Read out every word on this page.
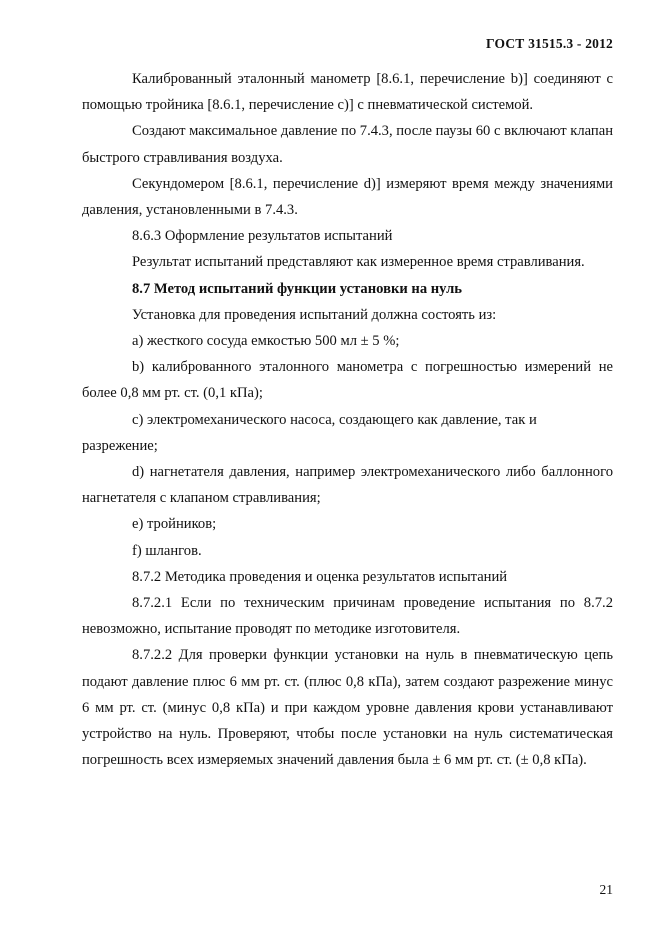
ГОСТ 31515.3 - 2012

Калиброванный эталонный манометр [8.6.1, перечисление b)] соединяют с помощью тройника [8.6.1, перечисление c)] с пневматической системой.

Создают максимальное давление по 7.4.3, после паузы 60 с включают клапан быстрого стравливания воздуха.

Секундомером [8.6.1, перечисление d)] измеряют время между значениями давления, установленными в 7.4.3.

8.6.3 Оформление результатов испытаний

Результат испытаний представляют как измеренное время стравливания.

8.7 Метод испытаний функции установки на нуль

Установка для проведения испытаний должна состоять из:

a) жесткого сосуда емкостью 500 мл ± 5 %;

b) калиброванного эталонного манометра с погрешностью измерений не более 0,8 мм рт. ст. (0,1 кПа);

c) электромеханического насоса, создающего как давление, так и разрежение;

d) нагнетателя давления, например электромеханического либо баллонного нагнетателя с клапаном стравливания;

e) тройников;

f) шлангов.

8.7.2 Методика проведения и оценка результатов испытаний

8.7.2.1 Если по техническим причинам проведение испытания по 8.7.2 невозможно, испытание проводят по методике изготовителя.

8.7.2.2 Для проверки функции установки на нуль в пневматическую цепь подают давление плюс 6 мм рт. ст. (плюс 0,8 кПа), затем создают разрежение минус 6 мм рт. ст. (минус 0,8 кПа) и при каждом уровне давления крови устанавливают устройство на нуль. Проверяют, чтобы после установки на нуль систематическая погрешность всех измеряемых значений давления была ± 6 мм рт. ст. (± 0,8 кПа).

21
